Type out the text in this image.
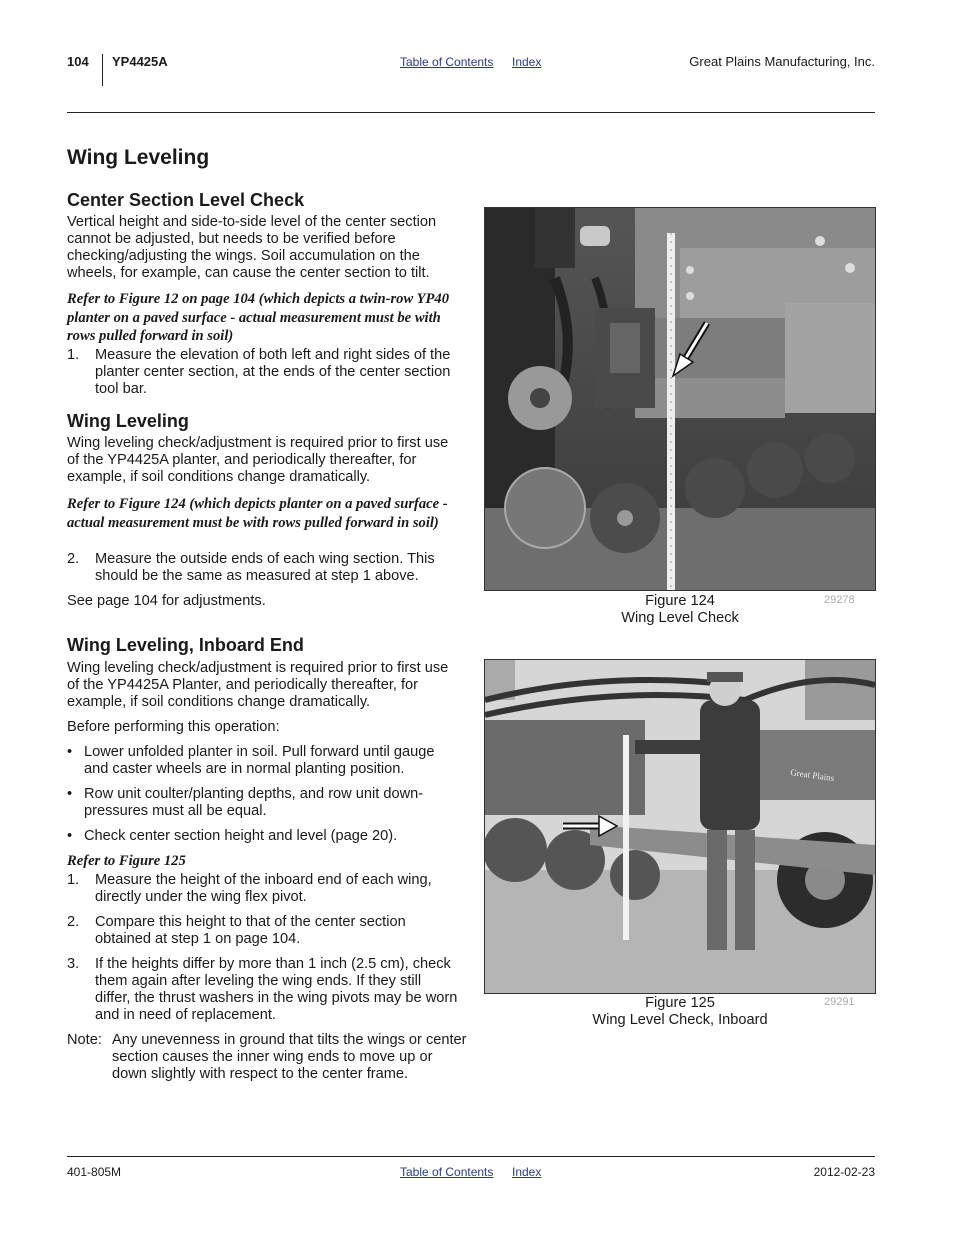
104 YP4425A	Table of Contents Index	Great Plains Manufacturing, Inc.
Wing Leveling
Center Section Level Check

Vertical height and side-to-side level of the center section cannot be adjusted, but needs to be verified before checking/adjusting the wings. Soil accumulation on the wheels, for example, can cause the center section to tilt.

Refer to Figure 12 on page 104 (which depicts a twin-row YP40 planter on a paved surface - actual measurement must be with rows pulled forward in soil)

1. Measure the elevation of both left and right sides of the planter center section, at the ends of the center section tool bar.
Wing Leveling

Wing leveling check/adjustment is required prior to first use of the YP4425A planter, and periodically thereafter, for example, if soil conditions change dramatically.

Refer to Figure 124 (which depicts planter on a paved surface - actual measurement must be with rows pulled forward in soil)

2. Measure the outside ends of each wing section. This should be the same as measured at step 1 above.

See page 104 for adjustments.

Wing Leveling, Inboard End

Wing leveling check/adjustment is required prior to first use of the YP4425A Planter, and periodically thereafter, for example, if soil conditions change dramatically.

Before performing this operation:

• Lower unfolded planter in soil. Pull forward until gauge and caster wheels are in normal planting position.
• Row unit coulter/planting depths, and row unit down-pressures must all be equal.
• Check center section height and level (page 20).

Refer to Figure 125

1. Measure the height of the inboard end of each wing, directly under the wing flex pivot.
2. Compare this height to that of the center section obtained at step 1 on page 104.
3. If the heights differ by more than 1 inch (2.5 cm), check them again after leveling the wing ends. If they still differ, the thrust washers in the wing pivots may be worn and in need of replacement.
Note: Any unevenness in ground that tilts the wings or center section causes the inner wing ends to move up or down slightly with respect to the center frame.
Figure 124
Wing Level Check
29278
Great Plains
Figure 125
Wing Level Check, Inboard
29291
401-805M	Table of Contents Index	2012-02-23
